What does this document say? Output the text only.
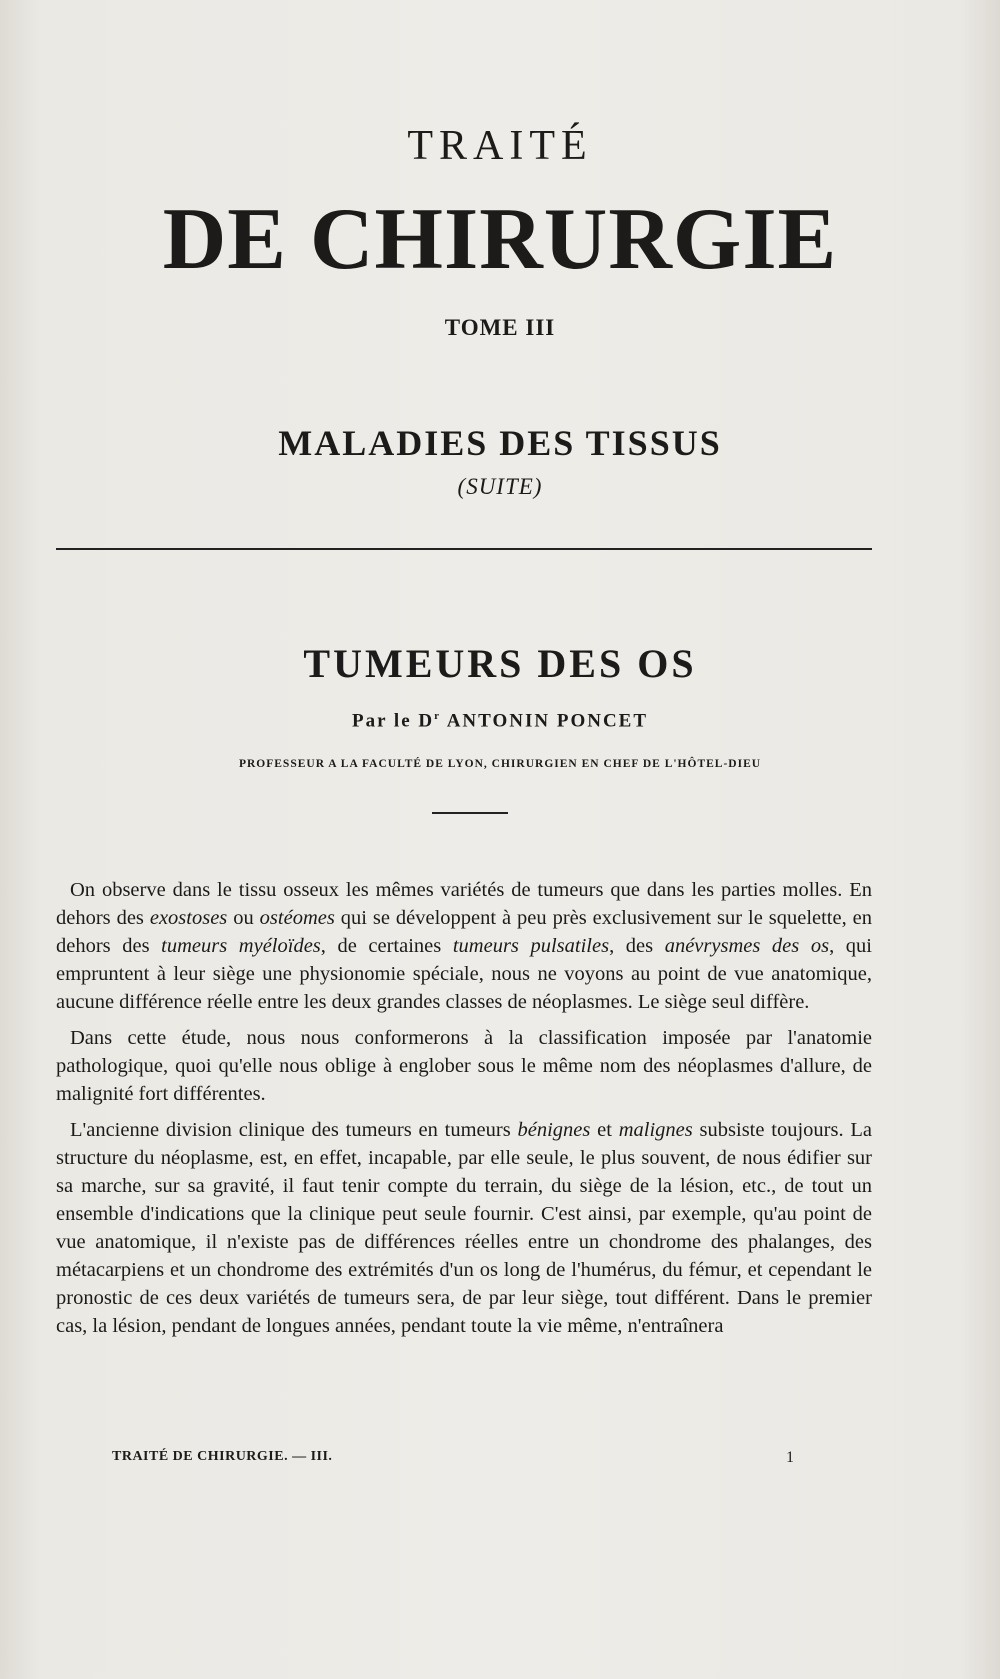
TRAITÉ
DE CHIRURGIE
TOME III
MALADIES DES TISSUS
(SUITE)
TUMEURS DES OS
Par le $D^r$ ANTONIN PONCET
PROFESSEUR A LA FACULTÉ DE LYON, CHIRURGIEN EN CHEF DE L'HÔTEL-DIEU

On observe dans le tissu osseux les mêmes variétés de tumeurs que dans les parties molles. En dehors des exostoses ou ostéomes qui se développent à peu près exclusivement sur le squelette, en dehors des tumeurs myéloïdes, de certaines tumeurs pulsatiles, des anévrysmes des os, qui empruntent à leur siège une physionomie spéciale, nous ne voyons au point de vue anatomique, aucune différence réelle entre les deux grandes classes de néoplasmes. Le siège seul diffère.

Dans cette étude, nous nous conformerons à la classification imposée par l'anatomie pathologique, quoi qu'elle nous oblige à englober sous le même nom des néoplasmes d'allure, de malignité fort différentes.

L'ancienne division clinique des tumeurs en tumeurs bénignes et malignes subsiste toujours. La structure du néoplasme, est, en effet, incapable, par elle seule, le plus souvent, de nous édifier sur sa marche, sur sa gravité, il faut tenir compte du terrain, du siège de la lésion, etc., de tout un ensemble d'indications que la clinique peut seule fournir. C'est ainsi, par exemple, qu'au point de vue anatomique, il n'existe pas de différences réelles entre un chondrome des phalanges, des métacarpiens et un chondrome des extrémités d'un os long de l'humérus, du fémur, et cependant le pronostic de ces deux variétés de tumeurs sera, de par leur siège, tout différent. Dans le premier cas, la lésion, pendant de longues années, pendant toute la vie même, n'entraînera

TRAITÉ DE CHIRURGIE. — III.	1
